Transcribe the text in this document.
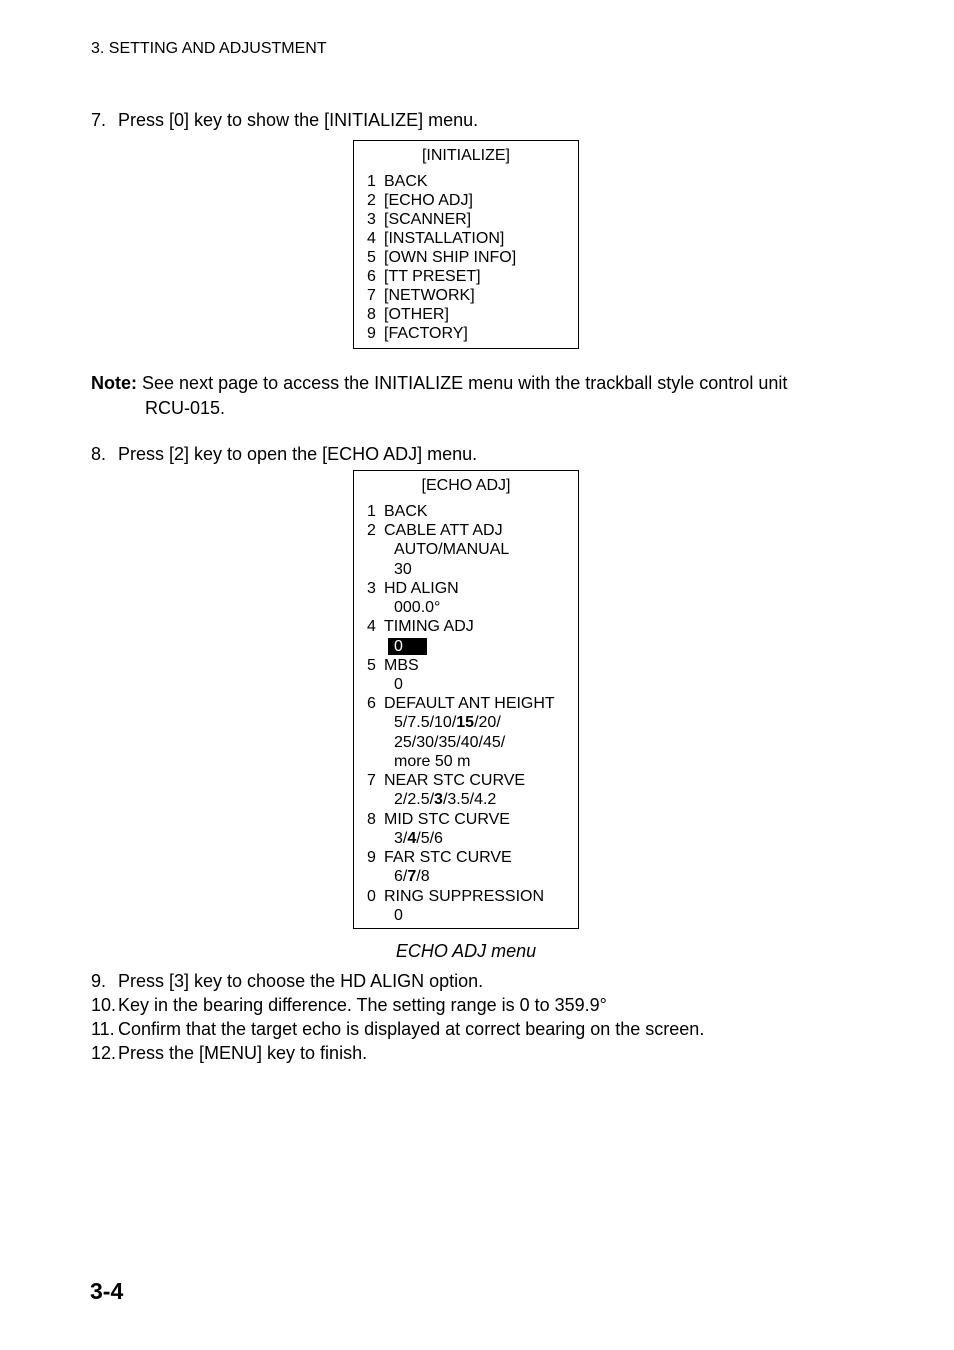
3. SETTING AND ADJUSTMENT
7. Press [0] key to show the [INITIALIZE] menu.
[INITIALIZE]
1 BACK
2 [ECHO ADJ]
3 [SCANNER]
4 [INSTALLATION]
5 [OWN SHIP INFO]
6 [TT PRESET]
7 [NETWORK]
8 [OTHER]
9 [FACTORY]
Note: See next page to access the INITIALIZE menu with the trackball style control unit
RCU-015.
8. Press [2] key to open the [ECHO ADJ] menu.
[ECHO ADJ]
1 BACK
2 CABLE ATT ADJ
AUTO/MANUAL
30
3 HD ALIGN
000.0°
4 TIMING ADJ
0
5 MBS
0
6 DEFAULT ANT HEIGHT
5/7.5/10/15/20/
25/30/35/40/45/
more 50 m
7 NEAR STC CURVE
2/2.5/3/3.5/4.2
8 MID STC CURVE
3/4/5/6
9 FAR STC CURVE
6/7/8
0 RING SUPPRESSION
0
ECHO ADJ menu
9. Press [3] key to choose the HD ALIGN option.
10. Key in the bearing difference. The setting range is 0 to 359.9°
11. Confirm that the target echo is displayed at correct bearing on the screen.
12. Press the [MENU] key to finish.
3-4
